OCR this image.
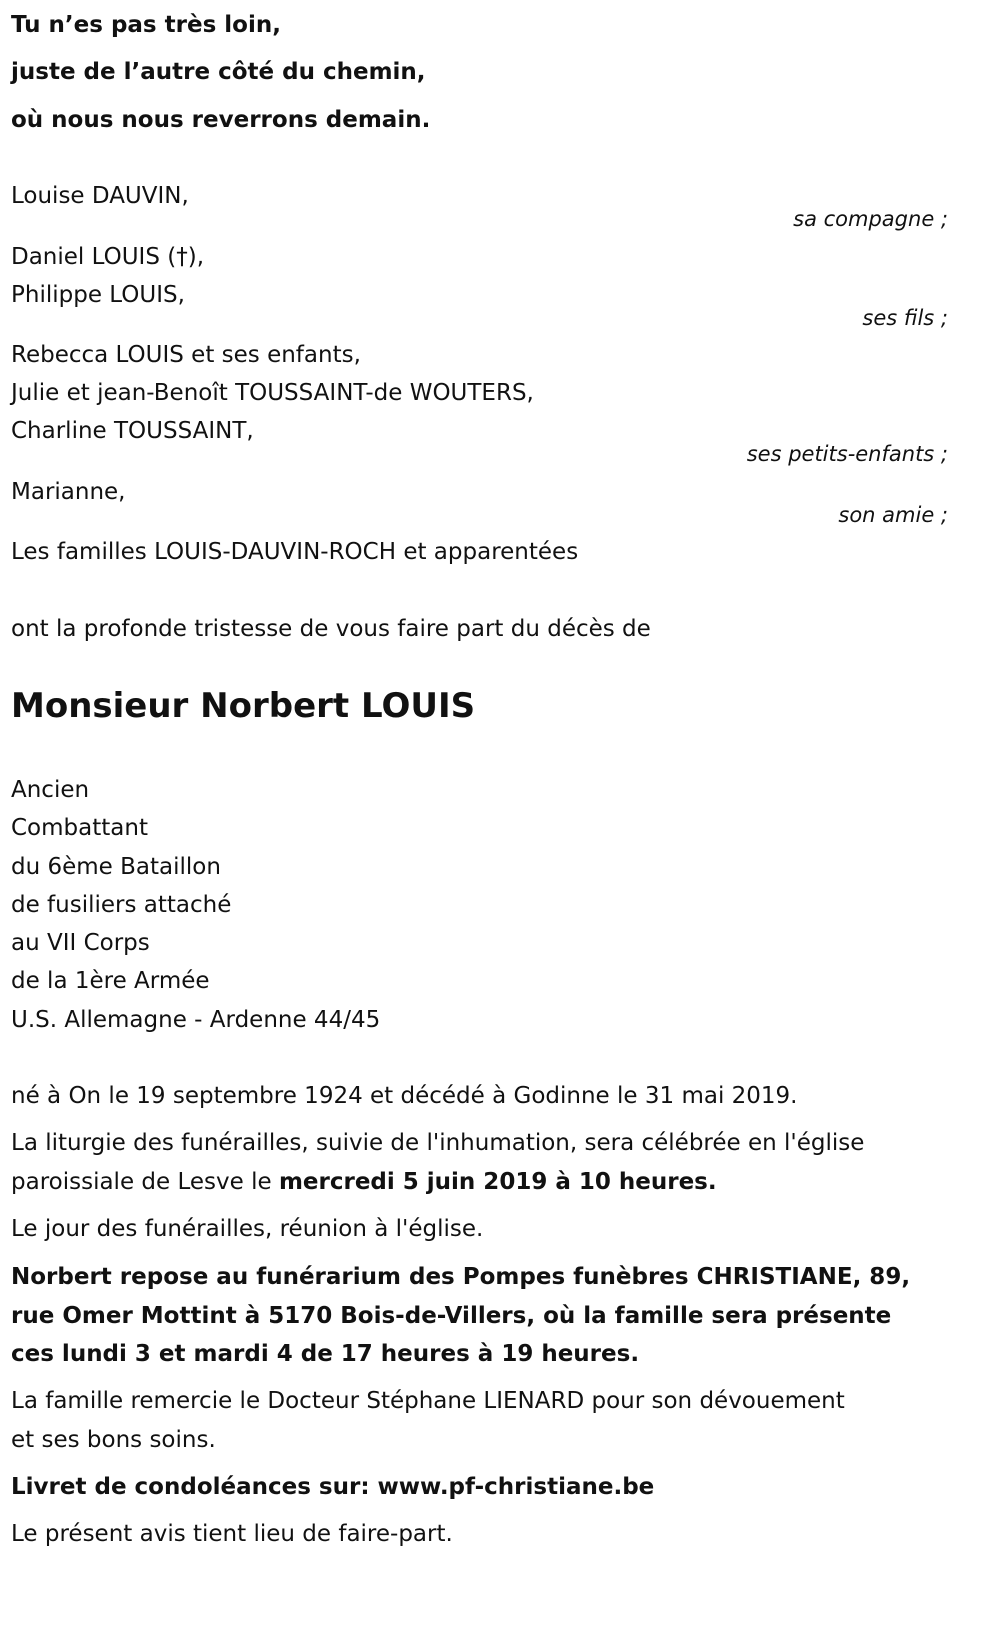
Tu n’es pas très loin,
juste de l’autre côté du chemin,
où nous nous reverrons demain.
Louise DAUVIN,
sa compagne ;
Daniel LOUIS (†),
Philippe LOUIS,
ses fils ;
Rebecca LOUIS et ses enfants,
Julie et jean-Benoît TOUSSAINT-de WOUTERS,
Charline TOUSSAINT,
ses petits-enfants ;
Marianne,
son amie ;
Les familles LOUIS-DAUVIN-ROCH et apparentées
ont la profonde tristesse de vous faire part du décès de
Monsieur Norbert LOUIS
Ancien
Combattant
du 6ème Bataillon
de fusiliers attaché
au VII Corps
de la 1ère Armée
U.S. Allemagne - Ardenne 44/45
né à On le 19 septembre 1924 et décédé à Godinne le 31 mai 2019.
La liturgie des funérailles, suivie de l'inhumation, sera célébrée en l'église
paroissiale de Lesve le mercredi 5 juin 2019 à 10 heures.
Le jour des funérailles, réunion à l'église.
Norbert repose au funérarium des Pompes funèbres CHRISTIANE, 89,
rue Omer Mottint à 5170 Bois-de-Villers, où la famille sera présente
ces lundi 3 et mardi 4 de 17 heures à 19 heures.
La famille remercie le Docteur Stéphane LIENARD pour son dévouement
et ses bons soins.
Livret de condoléances sur: www.pf-christiane.be
Le présent avis tient lieu de faire-part.
